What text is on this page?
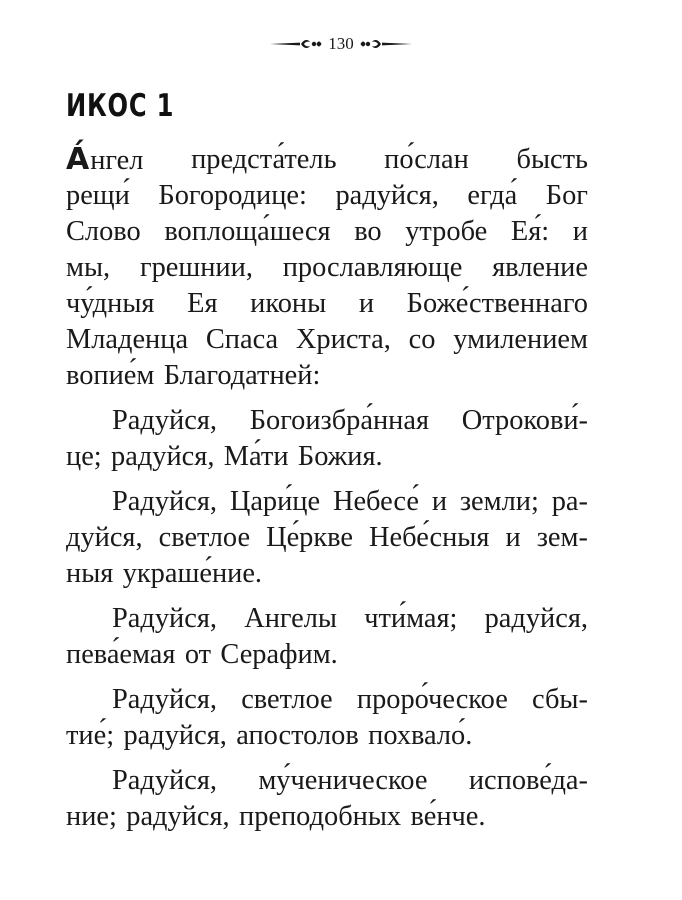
130
ИКОС 1
А́нгел предста́тель по́слан бысть
рещи́ Богородице: радуйся, егда́ Бог
Слово воплоща́шеся во утробе Ея́: и
мы, грешнии, прославляюще явление
чу́дныя Ея иконы и Боже́ственнаго
Младенца Спаса Христа, со умилением
вопие́м Благодатней:
Радуйся, Богоизбра́нная Отрокови́-
це; радуйся, Ма́ти Божия.
Радуйся, Цари́це Небесе́ и земли; ра-
дуйся, светлое Це́ркве Небе́сныя и зем-
ныя украше́ние.
Радуйся, Ангелы чти́мая; радуйся,
пева́емая от Серафим.
Радуйся, светлое проро́ческое сбы-
тие́; радуйся, апостолов похвало́.
Радуйся, му́ченическое испове́да-
ние; радуйся, преподобных ве́нче.
